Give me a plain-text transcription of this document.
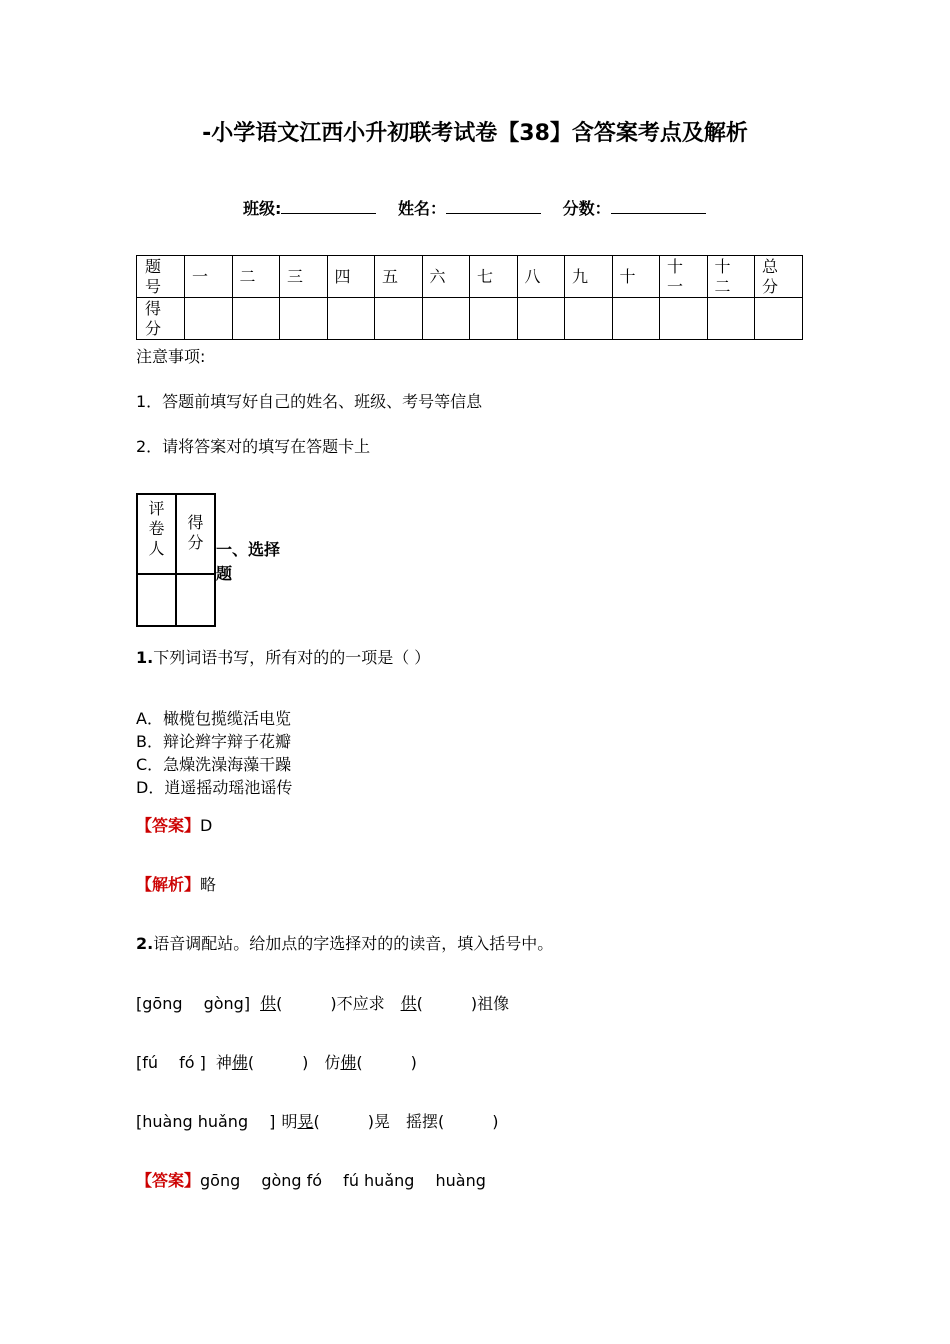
-小学语文江西小升初联考试卷【38】含答案考点及解析
班级:	姓名：	分数：
题号	一	二	三	四	五	六	七	八	九	十	十一	十二	总分
得分													
注意事项:
1．答题前填写好自己的姓名、班级、考号等信息
2．请将答案对的填写在答题卡上
评卷人	得分
	一、选择题
1.下列词语书写，所有对的的一项是（ ）
A．橄榄包揽缆活电览
B．辩论辫字辩子花瓣
C．急燥洗澡海藻干躁
D．逍遥摇动瑶池谣传
【答案】D
【解析】略
2.语音调配站。给加点的字选择对的的读音，填入括号中。
[gōng　 gòng] 供(　　　)不应求 供(　　　)祖像
[fú　 fó ] 神佛(　　　) 仿佛(　　　)
[huàng huǎng　 ] 明晃(　　　)晃 摇摆(　　　)
【答案】gōng　 gòng fó　 fú huǎng　 huàng
